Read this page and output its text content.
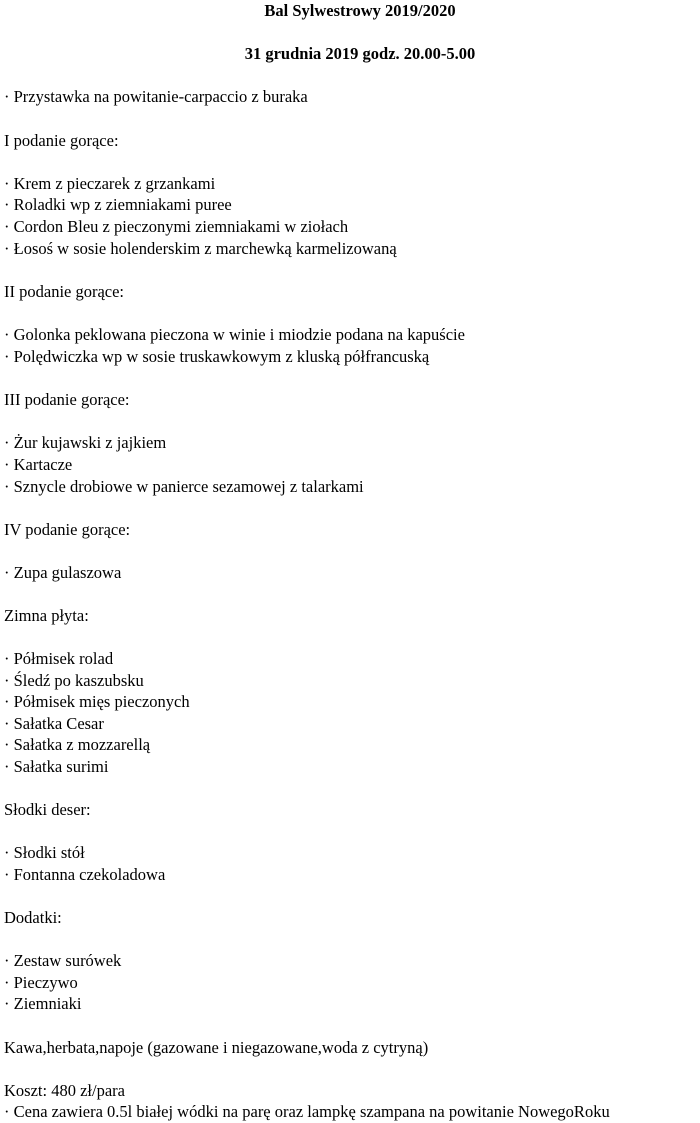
Bal Sylwestrowy 2019/2020
31 grudnia 2019 godz. 20.00-5.00
· Przystawka na powitanie-carpaccio z buraka
I podanie gorące:
· Krem z pieczarek z grzankami
· Roladki wp z ziemniakami puree
· Cordon Bleu z pieczonymi ziemniakami w ziołach
· Łosoś w sosie holenderskim z marchewką karmelizowaną
II podanie gorące:
· Golonka peklowana pieczona w winie i miodzie podana na kapuście
· Polędwiczka wp w sosie truskawkowym z kluską półfrancuską
III podanie gorące:
· Żur kujawski z jajkiem
· Kartacze
· Sznycle drobiowe w panierce sezamowej z talarkami
IV podanie gorące:
· Zupa gulaszowa
Zimna płyta:
· Półmisek rolad
· Śledź po kaszubsku
· Półmisek mięs pieczonych
· Sałatka Cesar
· Sałatka z mozzarellą
· Sałatka surimi
Słodki deser:
· Słodki stół
· Fontanna czekoladowa
Dodatki:
· Zestaw surówek
· Pieczywo
· Ziemniaki
Kawa,herbata,napoje (gazowane i niegazowane,woda z cytryną)
Koszt: 480 zł/para
· Cena zawiera 0.5l białej wódki na parę oraz lampkę szampana na powitanie NowegoRoku
